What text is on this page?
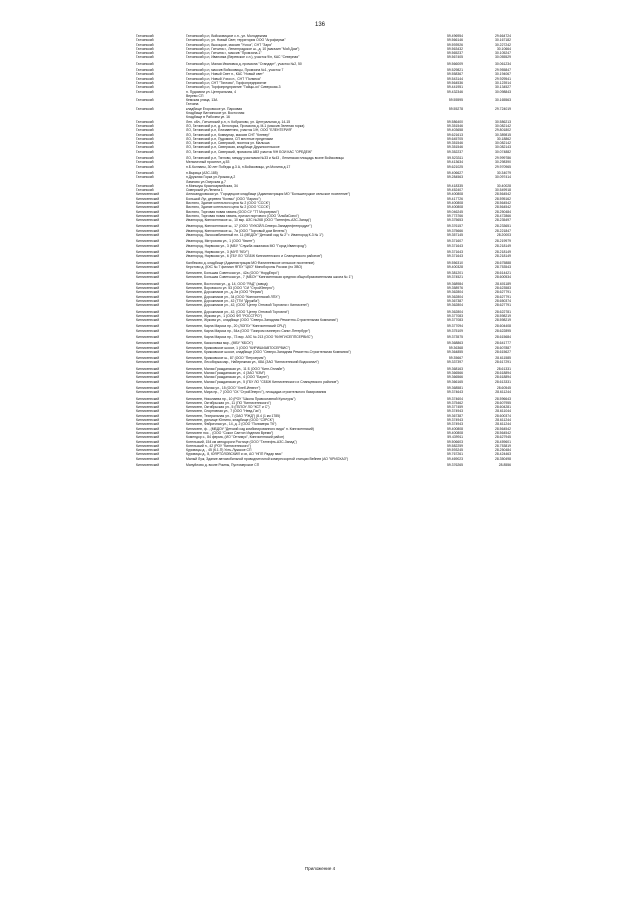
136
Гатчинский	Гатчинский р-н, Войсковицкое с.п., ул. Молодежная	59.496954	29.664724
Гатчинский	Гатчинский р-н, ул. Новый Свет, территория ООО "Агрофирма"	59.566146	30.167182
Гатчинский	Гатчинский р-н, Высоцкое, массив "Учхоз", СНТ "Заря"	59.593926	30.227242
Гатчинский	Гатчинский р-н, Гатчина г., Ленинградское ш., д. 10 (магазин "Мой Дом")	59.563432	30.10664
Гатчинский	Гатчинский р-н, Гатчина г., массив "Промзона-1"	59.565237	30.105247
Гатчинский	Гатчинский р-н, Ивановка (Веревское с.п.), участок 9/н, КАС "Северная"	59.567405	30.055529
Гатчинский	Гатчинский р-н, Малая Ивановка д, промзона "Стандарт", участок №2, 50	59.566009	30.061234
Гатчинский	Гатчинский р-н, массив Войсковицы, Промзона №1, участок 7	59.529821	29.955847
Гатчинский	Гатчинский р-н, Новый Свет п., КАС "Новый свет"	59.558367	30.194067
Гатчинский	Гатчинский р-н, Новый Учхоз п., СНТ "Полянка"	59.543144	29.929541
Гатчинский	Гатчинский р-н, СНТ "Тяглово", Торфопредприятие	59.564536	30.123914
Гатчинский	Гатчинский р-н, Торфопредприятие "Тайцы-оз" Сиверская-3	59.441951	30.134527
Гатчинский	п. Пудомяги ул. Центральная, 4	59.432346	30.098843
	Верево СП		
Гатчинский	Кемская улица, 13А	59.55595	30.165563
	Гатчина		
Гатчинский	кладбище Егоровское ул. Парковая	59.55278	29.724019
	Кладбище Ватчинское ул. Восточная		
	Кладбище в Рабочем ул. 16		
Гатчинский	Лен. обл., Гатчинский р-н, п. Кобралово, ул. Центральная д. 14-15	59.586400	30.586213
Гатчинский	ЛО, Гатчинский р-н, д. Белогорка, Промзона д. М-1 (массив Зеленая горка)	59.351546	30.082142
Гатчинский	ЛО, Гатчинский р-н, Елизаветино, участок 1/Н, ООО "ЕЛЕНТЕРИЯ"	59.403658	29.801802
Гатчинский	ЛО, Гатчинский р-н, Коммунар, массив СНТ "Клевер"	59.621613	30.389815
Гатчинский	ЛО, Гатчинский р-н, Пудомяги, СП местные пределами	59.645705	30.18862
Гатчинский	ЛО, Гатчинский р-н, Сиверский, поселок ул. Малыша	59.351546	30.082142
Гатчинский	ЛО, Гатчинский р-н, Сиверская, кладбище Дружносельское	59.351546	30.082143
Гатчинский	ЛО, Гатчинский р-н, Сиверский, промзона АВЗ участок 9/Н БОИ КАС "ОРЕДЕЖ"	59.352237	30.074882
Гатчинский	ЛО, Гатчинский р-н, Тяглово, между участками №33 и №43 , Ленинская площадь возле Войсковицы	59.523311	29.999786
Гатчинский	Мельничный проспект, д.53	59.413634	30.298390
Гатчинский	п.Б.Колпаны, 30 лет Победы д.3 А, п.Войсковицы, ул.Молина д.17	59.621025	29.970965
Гатчинский	п.Вырица (АЗС-185)	59.406627	30.34079
Гатчинский	п.Дружная Горка ул.Урожая д.2	59.284563	30.097414
	Лампово ул.Озерская д.7		
Гатчинский	п.Минькуш Красноармейская, 34	59.418335	30.40028
Гатчинский	Сиверский ул.Ленина 1	59.452407	30.549918
Кингисеппский	Александровская ул. "Городецкое кладбище (Администрация МО "Большелуцкое сельское поселение")	59.400808	28.564542
Кингисеппский	Большой Луг, деревня "Колмы" (ООО "Ларисс")	59.417726	28.595162
Кингисеппский	Вистино, Здание котельного цеха № 2 (ООО "СССК")	59.400808	28.564542
Кингисеппский	Вистино, Здание котельного цеха № 2 (ООО "СССК")	59.400808	28.564542
Кингисеппский	Вистино, Торговая новая гавань (ООО СУ "ТТ Морсервис")	59.046245	28.250484
Кингисеппский	Вистино, Торговая новая гавань, причал портового (ООО "АльбаСоюз")	59.773766	28.472866
Кингисеппский	Ивангород, Кингисеппское ш., 10 вкр. АЗС №268 (ООО "Татнефть-АЗС-Запад")	59.375653	28.235497
Кингисеппский	Ивангород, Кингисеппское ш., 17 (ООО "ЛУКОЙЛ-Северо-Западнефтепродукт")	59.376157	28.233651
Кингисеппский	Ивангород, Кингисеппское ш., 7а (ООО "Торговый дом Велень")	59.375666	28.221847
Кингисеппский	Ивангород, Льнокомбинатный пл. 11 (МБДОУ "Детский сад № 2" г. Ивангород К-3 № 1")	59.357145	28.20003
Кингисеппский	Ивангород, Митрохова ул., 1 (ООО "Квинт")	59.371607	28.219979
Кингисеппский	Ивангород, Нарвская ул., 3 (МБУ "Служба заказчика МО "Город Ивангород")	59.371643	28.218149
Кингисеппский	Ивангород, Нарвская ул., 3 (МУП "КБУ")	59.371643	28.218149
Кингисеппский	Ивангород, Нарвская ул., 6 (ГБУ ЛО "СББЖ Кингисеппского и Сланцевского районов")	59.371643	28.218149
Кингисеппский	Калбеково д. кладбище (Администрация МО Фалилеевское сельское поселение)	59.556310	28.675888
Кингисеппский	Керстово д. (КХС № 7 филиал ФГБУ "ЦКО" Минобороны России (по ЗВО)	59.400328	28.753543
Кингисеппский	Кингисепп, Большая Советская ул., 42а (ООО "НордЕвро")	59.381201	28.614421
Кингисеппский	Кингисепп, Большая Советская ул., 7 (МБОУ "Кингисеппская средняя общеобразовательная школа № 1")	59.374521	28.600534
Кингисеппский	Кингисепп, Восточная ул., д. 14, ООО "РАД" (завод)	59.368984	28.601189
Кингисеппский	Кингисепп, Воровского ул. 53 (ООО "СИ "СтройЭнерго")	59.358976	28.623583
Кингисеппский	Кингисепп, Дорожников ул., д. 2в (ООО "Ферма")	59.362804	28.627791
Кингисеппский	Кингисепп, Дорожников ул., 34 (ООО "Кингисеппский ЛПХ")	59.362804	28.627791
Кингисеппский	Кингисепп, Дорожников ул., 42 (ТТИ "Дружба")	59.367387	28.650374
Кингисеппский	Кингисепп, Дорожников ул., 42, (ООО "Центр Оптовой Торговли г. Кингисепп")	59.362804	28.627791
Кингисеппский	Кингисепп, Дорожников ул., 42, (ООО "Центр Оптовой Торговли")	59.362804	28.622781
Кингисеппский	Кингисепп, Жукова ул., 1 (ООО ФП "РОССТРО")	59.377083	28.598219
Кингисеппский	Кингисепп, Жукова ул., кладбище (ООО "Северо-Западная Ремонтно-Строительная Компания")	59.377083	28.598219
Кингисеппский	Кингисепп, Карла Маркса пр., 20 (ЛОГБУ "Кингисеппский СРЦ")	59.377094	28.604408
Кингисеппский	Кингисепп, Карла Маркса пр., 54а (ООО "Газпром газэнерго Санкт-Петербург")	59.375109	28.622895
Кингисеппский	Кингисепп, Карла Маркса пр., 73 вкр. АЗС № 213 (ООО "КИНГИСЕППСЕРВИС")	59.373575	28.615684
Кингисеппский	Кингисепп, Касколовка мкр., (МБУ "КБСХ")	59.368863	28.641777
Кингисеппский	Кингисепп, Крикковское шоссе, 1 (ООО "КИРИШИАВТОСЕРВИС")	59.36368	28.607887
Кингисеппский	Кингисепп, Крикковское шоссе, кладбище (ООО "Северо-Западная Ремонтно-Строительная Компания")	59.364855	28.615627
Кингисеппский	Кингисепп, Крикковское ш., 87 (ООО "Петроприм")	59.35667	28.611585
Кингисеппский	Кингисепп, Лесобиржа мкр., Набережная ул., 68А (ЗАО "Кингисеппский Водоканал")	59.337397	28.617291
Кингисеппский	Кингисепп, Малая Гражданская ул., 11 Б (ООО "Кинг-Онлайн")	59.368163	28.61331
Кингисеппский	Кингисепп, Малая Гражданская ул., 4 (ЗАО "КЗМ")	59.366566	28.618894
Кингисеппский	Кингисепп, Малая Гражданская ул., 4 (ООО "Бауэп")	59.366566	28.618894
Кингисеппский	Кингисепп, Малая Гражданская ул., 5 (ГБУ ЛО "СББЖ Кингисеппского и Сланцевского районов")	59.366165	28.613331
Кингисеппский	Кингисепп, Малая ул., 15 (ООО "Хлеб-Инвест")	59.368581	28.60545
Кингисеппский	Кингисепп, Мира пр., 7 (ООО "СК "СтройЭнерго"), площадка строительного базирования	59.374643	28.611244
Кингисеппский	Кингисепп, Николаева пр., 10 (РОУ "Школа Православной Культуры")	59.374604	28.596643
Кингисеппский	Кингисепп, Октябрьская ул., 11 (ПО "Кингисеппского")	59.375462	28.607955
Кингисеппский	Кингисепп, Октябрьская ул., 5 (ГБПОУ ЛО "КСТ и С")	59.377459	28.604281
Кингисеппский	Кингисепп, Спортивная ул., 7 (ООО "Невд-Газ")	59.374943	28.611044
Кингисеппский	Кингисепп, Театральная ул., 7 (ОАО "РЖД") (8.4 (1 км 1785)	59.367387	28.600374
Кингисеппский	Кингисепп, урочище Юлгино, кладбище (ООО "СЗРСК")	59.374943	28.611244
Кингисеппский	Кингисепп, Фабричная ул., 14, д. 2 (ООО "Полимеры ТК")	59.374943	28.611244
Кингисеппский	Кингисепп, ф. , (МБДОУ "Детский сад комбинированного вида" п. Кингисеппский)	59.400808	28.564542
Кингисеппский	Кингисепп пос. , (ООО "Сокол Сантоп Изделия Время")	59.400808	28.564542
Кингисеппский	Комендор с., 84 ферма, (ИО "Оптимус", Кингисеппский район)	59.439911	28.627945
Кингисеппский	Котельский, 154 км автодороги Ростице (ООО "Татнефть-АЗС-Запад")	59.506603	28.459601
Кингисеппский	Котельский п., 42 (РОУ "Кингисеппского")	59.582259	28.753819
Кингисеппский	Куровицы д. , 45 (К.1.П) Усть-Лужское СП	59.593245	28.250484
Кингисеппский	Куровицы д., 8, ЮЯРТОЛОВСКИЙ и ох, АО "НПП Радар ммс"	59.767261	28.424463
Кингисеппский	Малый Луж, Здание автомобильной проводниточной компрессорной станции Вейнев (АО "КРИОХАЗ")	59.469023	28.350498
Кингисеппский	Мануйлово д. возле Ромны, Пустомерское СП	59.376265	28.8556
Приложение 4
